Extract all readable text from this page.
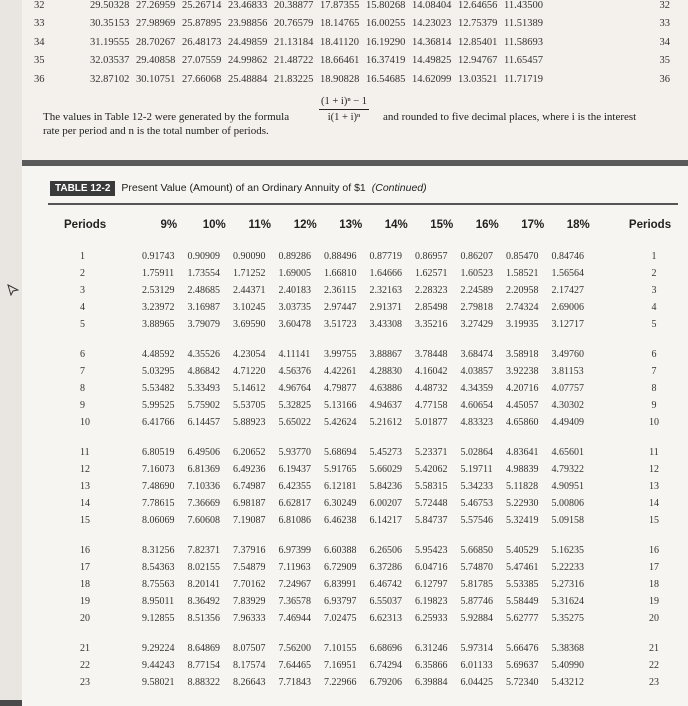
32	29.50328 27.26959 25.26714 23.46833 20.38877 17.87355 15.80268 14.08404 12.64656 11.43500	32
33	30.35153 27.98969 25.87895 23.98856 20.76579 18.14765 16.00255 14.23023 12.75379 11.51389	33
34	31.19555 28.70267 26.48173 24.49859 21.13184 18.41120 16.19290 14.36814 12.85401 11.58693	34
35	32.03537 29.40858 27.07559 24.99862 21.48722 18.66461 16.37419 14.49825 12.94767 11.65457	35
36	32.87102 30.10751 27.66068 25.48884 21.83225 18.90828 16.54685 14.62099 13.03521 11.71719	36
The values in Table 12-2 were generated by the formula	$\frac{\text{(1 + i)ⁿ − 1}}{\text{i(1 + i)ⁿ}}$ and rounded to five decimal places, where i is the interest
rate per period and n is the total number of periods.
TABLE 12-2	Present Value (Amount) of an Ordinary Annuity of $1 (Continued)
Periods	9%	10%	11%	12%	13%	14%	15%	16%	17%	18%	Periods
1	0.91743	0.90909	0.90090	0.89286	0.88496	0.87719	0.86957	0.86207	0.85470	0.84746	1
2	1.75911	1.73554	1.71252	1.69005	1.66810	1.64666	1.62571	1.60523	1.58521	1.56564	2
3	2.53129	2.48685	2.44371	2.40183	2.36115	2.32163	2.28323	2.24589	2.20958	2.17427	3
4	3.23972	3.16987	3.10245	3.03735	2.97447	2.91371	2.85498	2.79818	2.74324	2.69006	4
5	3.88965	3.79079	3.69590	3.60478	3.51723	3.43308	3.35216	3.27429	3.19935	3.12717	5
6	4.48592	4.35526	4.23054	4.11141	3.99755	3.88867	3.78448	3.68474	3.58918	3.49760	6
7	5.03295	4.86842	4.71220	4.56376	4.42261	4.28830	4.16042	4.03857	3.92238	3.81153	7
8	5.53482	5.33493	5.14612	4.96764	4.79877	4.63886	4.48732	4.34359	4.20716	4.07757	8
9	5.99525	5.75902	5.53705	5.32825	5.13166	4.94637	4.77158	4.60654	4.45057	4.30302	9
10	6.41766	6.14457	5.88923	5.65022	5.42624	5.21612	5.01877	4.83323	4.65860	4.49409	10
11	6.80519	6.49506	6.20652	5.93770	5.68694	5.45273	5.23371	5.02864	4.83641	4.65601	11
12	7.16073	6.81369	6.49236	6.19437	5.91765	5.66029	5.42062	5.19711	4.98839	4.79322	12
13	7.48690	7.10336	6.74987	6.42355	6.12181	5.84236	5.58315	5.34233	5.11828	4.90951	13
14	7.78615	7.36669	6.98187	6.62817	6.30249	6.00207	5.72448	5.46753	5.22930	5.00806	14
15	8.06069	7.60608	7.19087	6.81086	6.46238	6.14217	5.84737	5.57546	5.32419	5.09158	15
16	8.31256	7.82371	7.37916	6.97399	6.60388	6.26506	5.95423	5.66850	5.40529	5.16235	16
17	8.54363	8.02155	7.54879	7.11963	6.72909	6.37286	6.04716	5.74870	5.47461	5.22233	17
18	8.75563	8.20141	7.70162	7.24967	6.83991	6.46742	6.12797	5.81785	5.53385	5.27316	18
19	8.95011	8.36492	7.83929	7.36578	6.93797	6.55037	6.19823	5.87746	5.58449	5.31624	19
20	9.12855	8.51356	7.96333	7.46944	7.02475	6.62313	6.25933	5.92884	5.62777	5.35275	20
21	9.29224	8.64869	8.07507	7.56200	7.10155	6.68696	6.31246	5.97314	5.66476	5.38368	21
22	9.44243	8.77154	8.17574	7.64465	7.16951	6.74294	6.35866	6.01133	5.69637	5.40990	22
23	9.58021	8.88322	8.26643	7.71843	7.22966	6.79206	6.39884	6.04425	5.72340	5.43212	23
